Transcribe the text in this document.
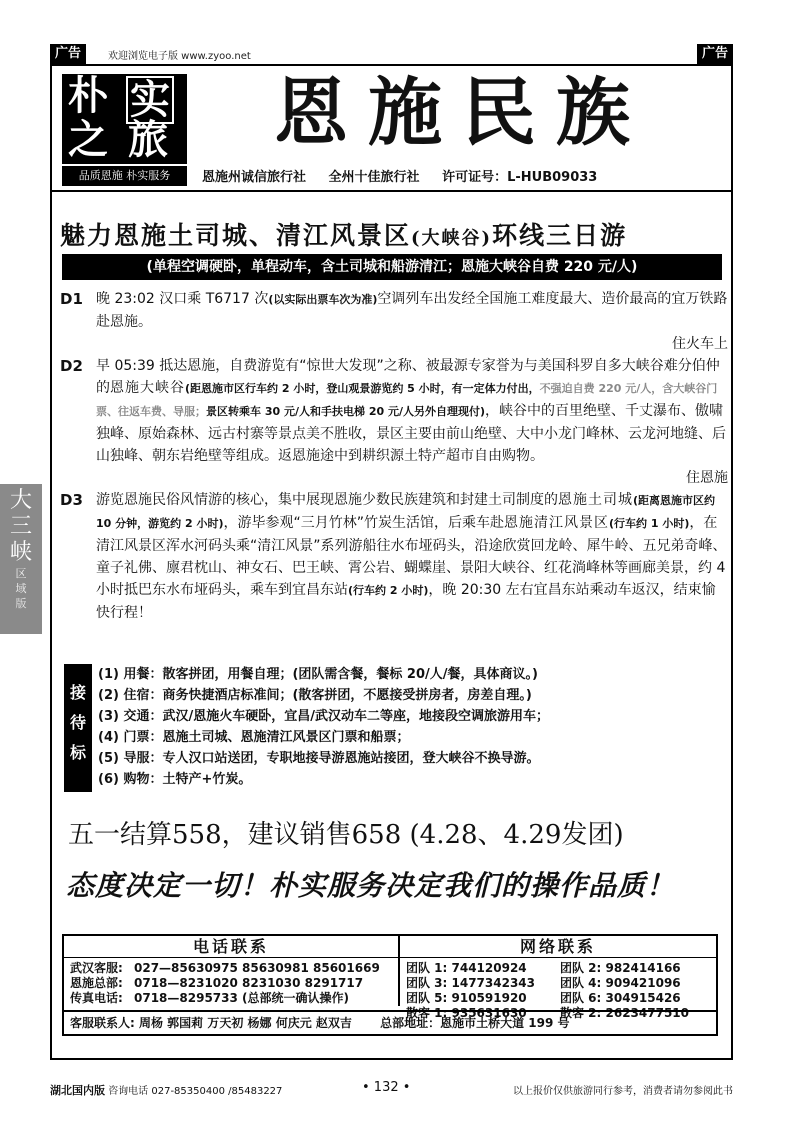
广告	欢迎浏览电子版 www.zyoo.net	广告
大
三
峡
区
域
版
朴 实
之 旅
品质恩施 朴实服务
恩施民族
恩施州诚信旅行社 全州十佳旅行社 许可证号：L-HUB09033
魅力恩施土司城、清江风景区(大峡谷)环线三日游
(单程空调硬卧，单程动车，含土司城和船游清江；恩施大峡谷自费 220 元/人)
D1 晚 23:02 汉口乘 T6717 次(以实际出票车次为准)空调列车出发经全国施工难度最大、造价最高的宜万铁路赴恩施。
住火车上
D2 早 05:39 抵达恩施，自费游览有“惊世大发现”之称、被最源专家誉为与美国科罗自多大峡谷难分伯仲的恩施大峡谷(距恩施市区行车约 2 小时，登山观景游览约 5 小时，有一定体力付出，不强迫自费 220 元/人，含大峡谷门票、往返车费、导服；景区转乘车 30 元/人和手扶电梯 20 元/人另外自理现付)，峡谷中的百里绝壁、千丈瀑布、傲啸独峰、原始森林、远古村寨等景点美不胜收，景区主要由前山绝壁、大中小龙门峰林、云龙河地缝、后山独峰、朝东岩绝壁等组成。返恩施途中到耕织源土特产超市自由购物。
住恩施
D3 游览恩施民俗风情游的核心，集中展现恩施少数民族建筑和封建土司制度的恩施土司城(距离恩施市区约 10 分钟，游览约 2 小时)，游毕参观“三月竹林”竹炭生活馆，后乘车赴恩施清江风景区(行车约 1 小时)，在清江风景区浑水河码头乘“清江风景”系列游船往水布垭码头，沿途欣赏回龙岭、犀牛岭、五兄弟奇峰、童子礼佛、廪君枕山、神女石、巴王峡、霄公岩、蝴蝶崖、景阳大峡谷、红花淌峰林等画廊美景，约 4 小时抵巴东水布垭码头，乘车到宜昌东站(行车约 2 小时)，晚 20:30 左右宜昌东站乘动车返汉，结束愉快行程！
接
待
标
(1) 用餐：散客拼团，用餐自理；(团队需含餐，餐标 20/人/餐，具体商议。)
(2) 住宿：商务快捷酒店标准间；(散客拼团，不愿接受拼房者，房差自理。)
(3) 交通：武汉/恩施火车硬卧，宜昌/武汉动车二等座，地接段空调旅游用车；
(4) 门票：恩施土司城、恩施清江风景区门票和船票；
(5) 导服：专人汉口站送团，专职地接导游恩施站接团，登大峡谷不换导游。
(6) 购物：土特产+竹炭。
五一结算558，建议销售658 (4.28、4.29发团)
态度决定一切！朴实服务决定我们的操作品质！
电话联系
武汉客服: 027—85630975 85630981 85601669
恩施总部: 0718—8231020 8231030 8291717
传真电话: 0718—8295733 (总部统一确认操作)
网络联系
团队 1: 744120924	团队 2: 982414166
团队 3: 1477342343 团队 4: 909421096
团队 5: 910591920	团队 6: 304915426
散客 1: 935631630	散客 2: 2623477510
客服联系人: 周杨 郭国莉 万天初 杨娜 何庆元 赵双吉 总部地址：恩施市土桥大道 199 号
湖北国内版 咨询电话 027-85350400 /85483227	• 132 •	以上报价仅供旅游同行参考，消费者请勿参阅此书
